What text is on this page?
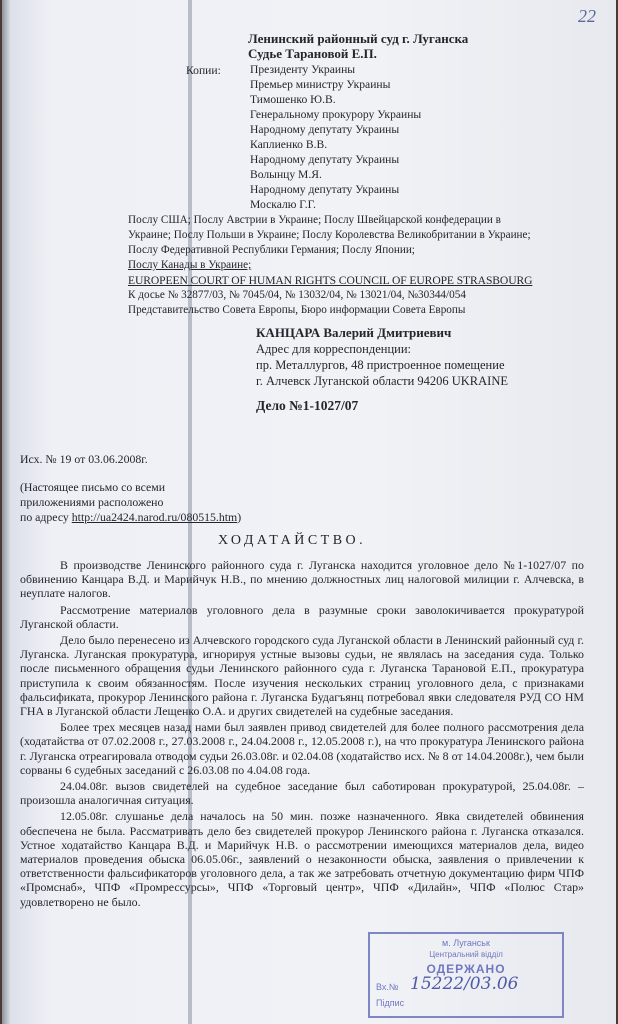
22
Ленинский районный суд г. Луганска
Судье Тарановой Е.П.
Копии:	Президенту Украины
Премьер министру Украины
Тимошенко Ю.В.
Генеральному прокурору Украины
Народному депутату Украины
Каплиенко В.В.
Народному депутату Украины
Волынцу М.Я.
Народному депутату Украины
Москалю Г.Г.
Послу США; Послу Австрии в Украине; Послу Швейцарской конфедерации в
Украине; Послу Польши в Украине; Послу Королевства Великобритании в Украине;
Послу Федеративной Республики Германия; Послу Японии;
Послу Канады в Украине;
EUROPEEN COURT OF HUMAN RIGHTS COUNCIL OF EUROPE STRASBOURG
К досье № 32877/03, № 7045/04, № 13032/04, № 13021/04, №30344/054
Представительство Совета Европы, Бюро информации Совета Европы
КАНЦАРА Валерий Дмитриевич
Адрес для корреспонденции:
пр. Металлургов, 48 пристроенное помещение
г. Алчевск Луганской области 94206 UKRAINE
Дело №1-1027/07
Исх. № 19 от 03.06.2008г.
(Настоящее письмо со всеми
приложениями расположено
по адресу http://ua2424.narod.ru/080515.htm)
ХОДАТАЙСТВО.

В производстве Ленинского районного суда г. Луганска находится уголовное дело №1-1027/07 по обвинению Канцара В.Д. и Марийчук Н.В., по мнению должностных лиц налоговой милиции г. Алчевска, в неуплате налогов.

Рассмотрение материалов уголовного дела в разумные сроки заволокичивается прокуратурой Луганской области.

Дело было перенесено из Алчевского городского суда Луганской области в Ленинский районный суд г. Луганска. Луганская прокуратура, игнорируя устные вызовы судьи, не являлась на заседания суда. Только после письменного обращения судьи Ленинского районного суда г. Луганска Тарановой Е.П., прокуратура приступила к своим обязанностям. После изучения нескольких страниц уголовного дела, с признаками фальсификата, прокурор Ленинского района г. Луганска Будагъянц потребовал явки следователя РУД СО НМ ГНА в Луганской области Лещенко О.А. и других свидетелей на судебные заседания.

Более трех месяцев назад нами был заявлен привод свидетелей для более полного рассмотрения дела (ходатайства от 07.02.2008 г., 27.03.2008 г., 24.04.2008 г., 12.05.2008 г.), на что прокуратура Ленинского района г. Луганска отреагировала отводом судьи 26.03.08г. и 02.04.08 (ходатайство исх. № 8 от 14.04.2008г.), чем были сорваны 6 судебных заседаний с 26.03.08 по 4.04.08 года.

24.04.08г. вызов свидетелей на судебное заседание был саботирован прокуратурой, 25.04.08г. –произошла аналогичная ситуация.

12.05.08г. слушанье дела началось на 50 мин. позже назначенного. Явка свидетелей обвинения обеспечена не была. Рассматривать дело без свидетелей прокурор Ленинского района г. Луганска отказался. Устное ходатайство Канцара В.Д. и Марийчук Н.В. о рассмотрении имеющихся материалов дела, видео материалов проведения обыска 06.05.06г., заявлений о незаконности обыска, заявления о привлечении к ответственности фальсификаторов уголовного дела, а так же затребовать отчетную документацию фирм ЧПФ «Промснаб», ЧПФ «Промрессурсы», ЧПФ «Торговый центр», ЧПФ «Дилайн», ЧПФ «Полюс Стар» удовлетворено не было.

м. Луганськ
Центральний відділ
ОДЕРЖАНО
Вх.№ 15222/03.06
Підпис
